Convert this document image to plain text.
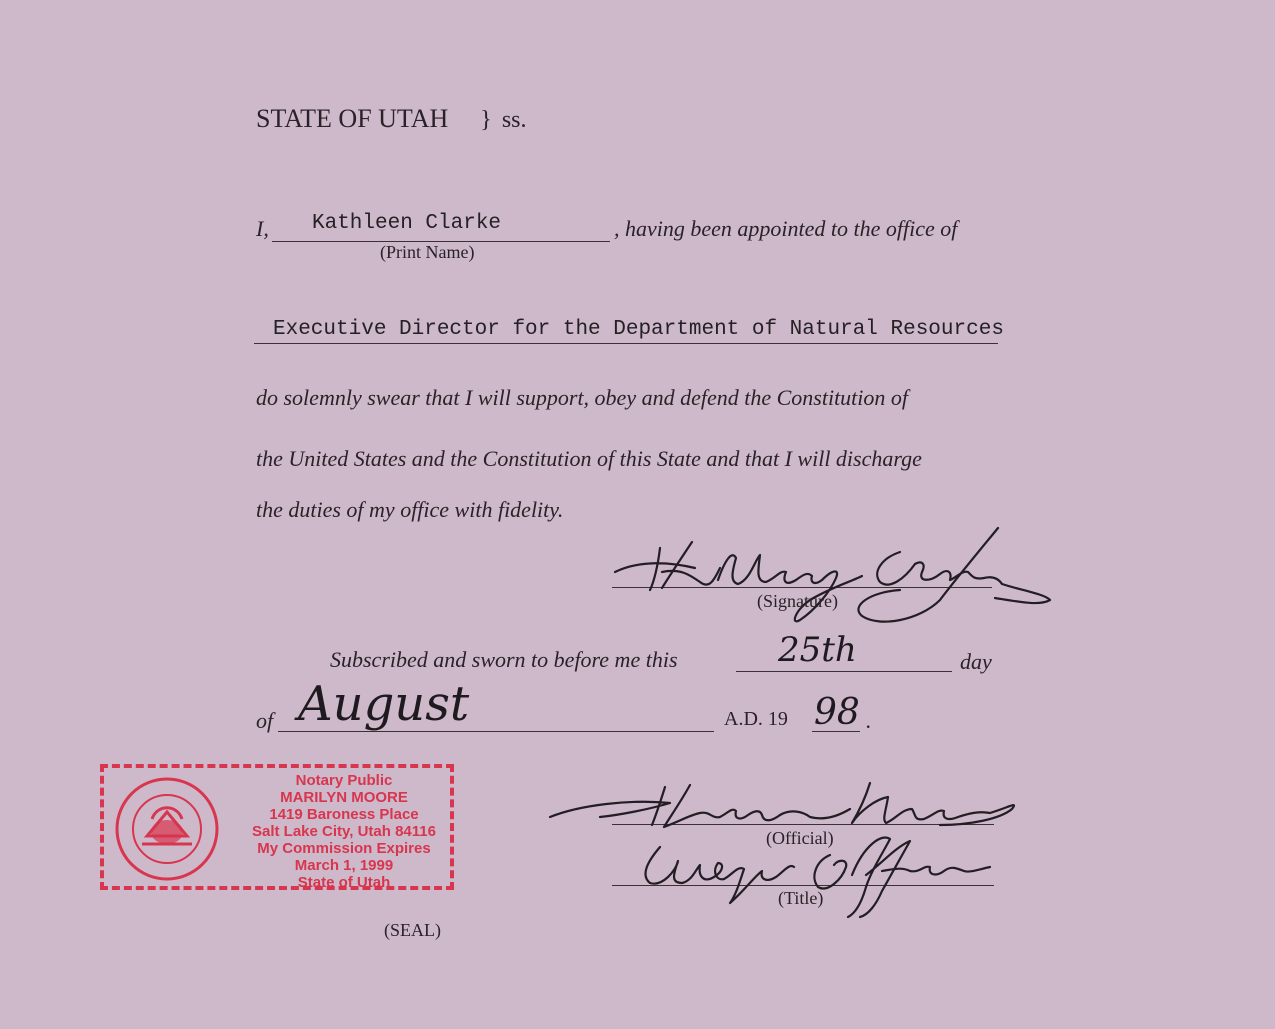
STATE OF UTAH } ss.
I, Kathleen Clarke	, having been appointed to the office of
(Print Name)
Executive Director for the Department of Natural Resources
do solemnly swear that I will support, obey and defend the Constitution of
the United States and the Constitution of this State and that I will discharge
the duties of my office with fidelity.
(Signature)
Subscribed and sworn to before me this	25th	day
of August	A.D. 19 98 .
Notary Public
MARILYN MOORE
1419 Baroness Place
Salt Lake City, Utah 84116
My Commission Expires
March 1, 1999
State of Utah
(SEAL)
(Official)
(Title)
